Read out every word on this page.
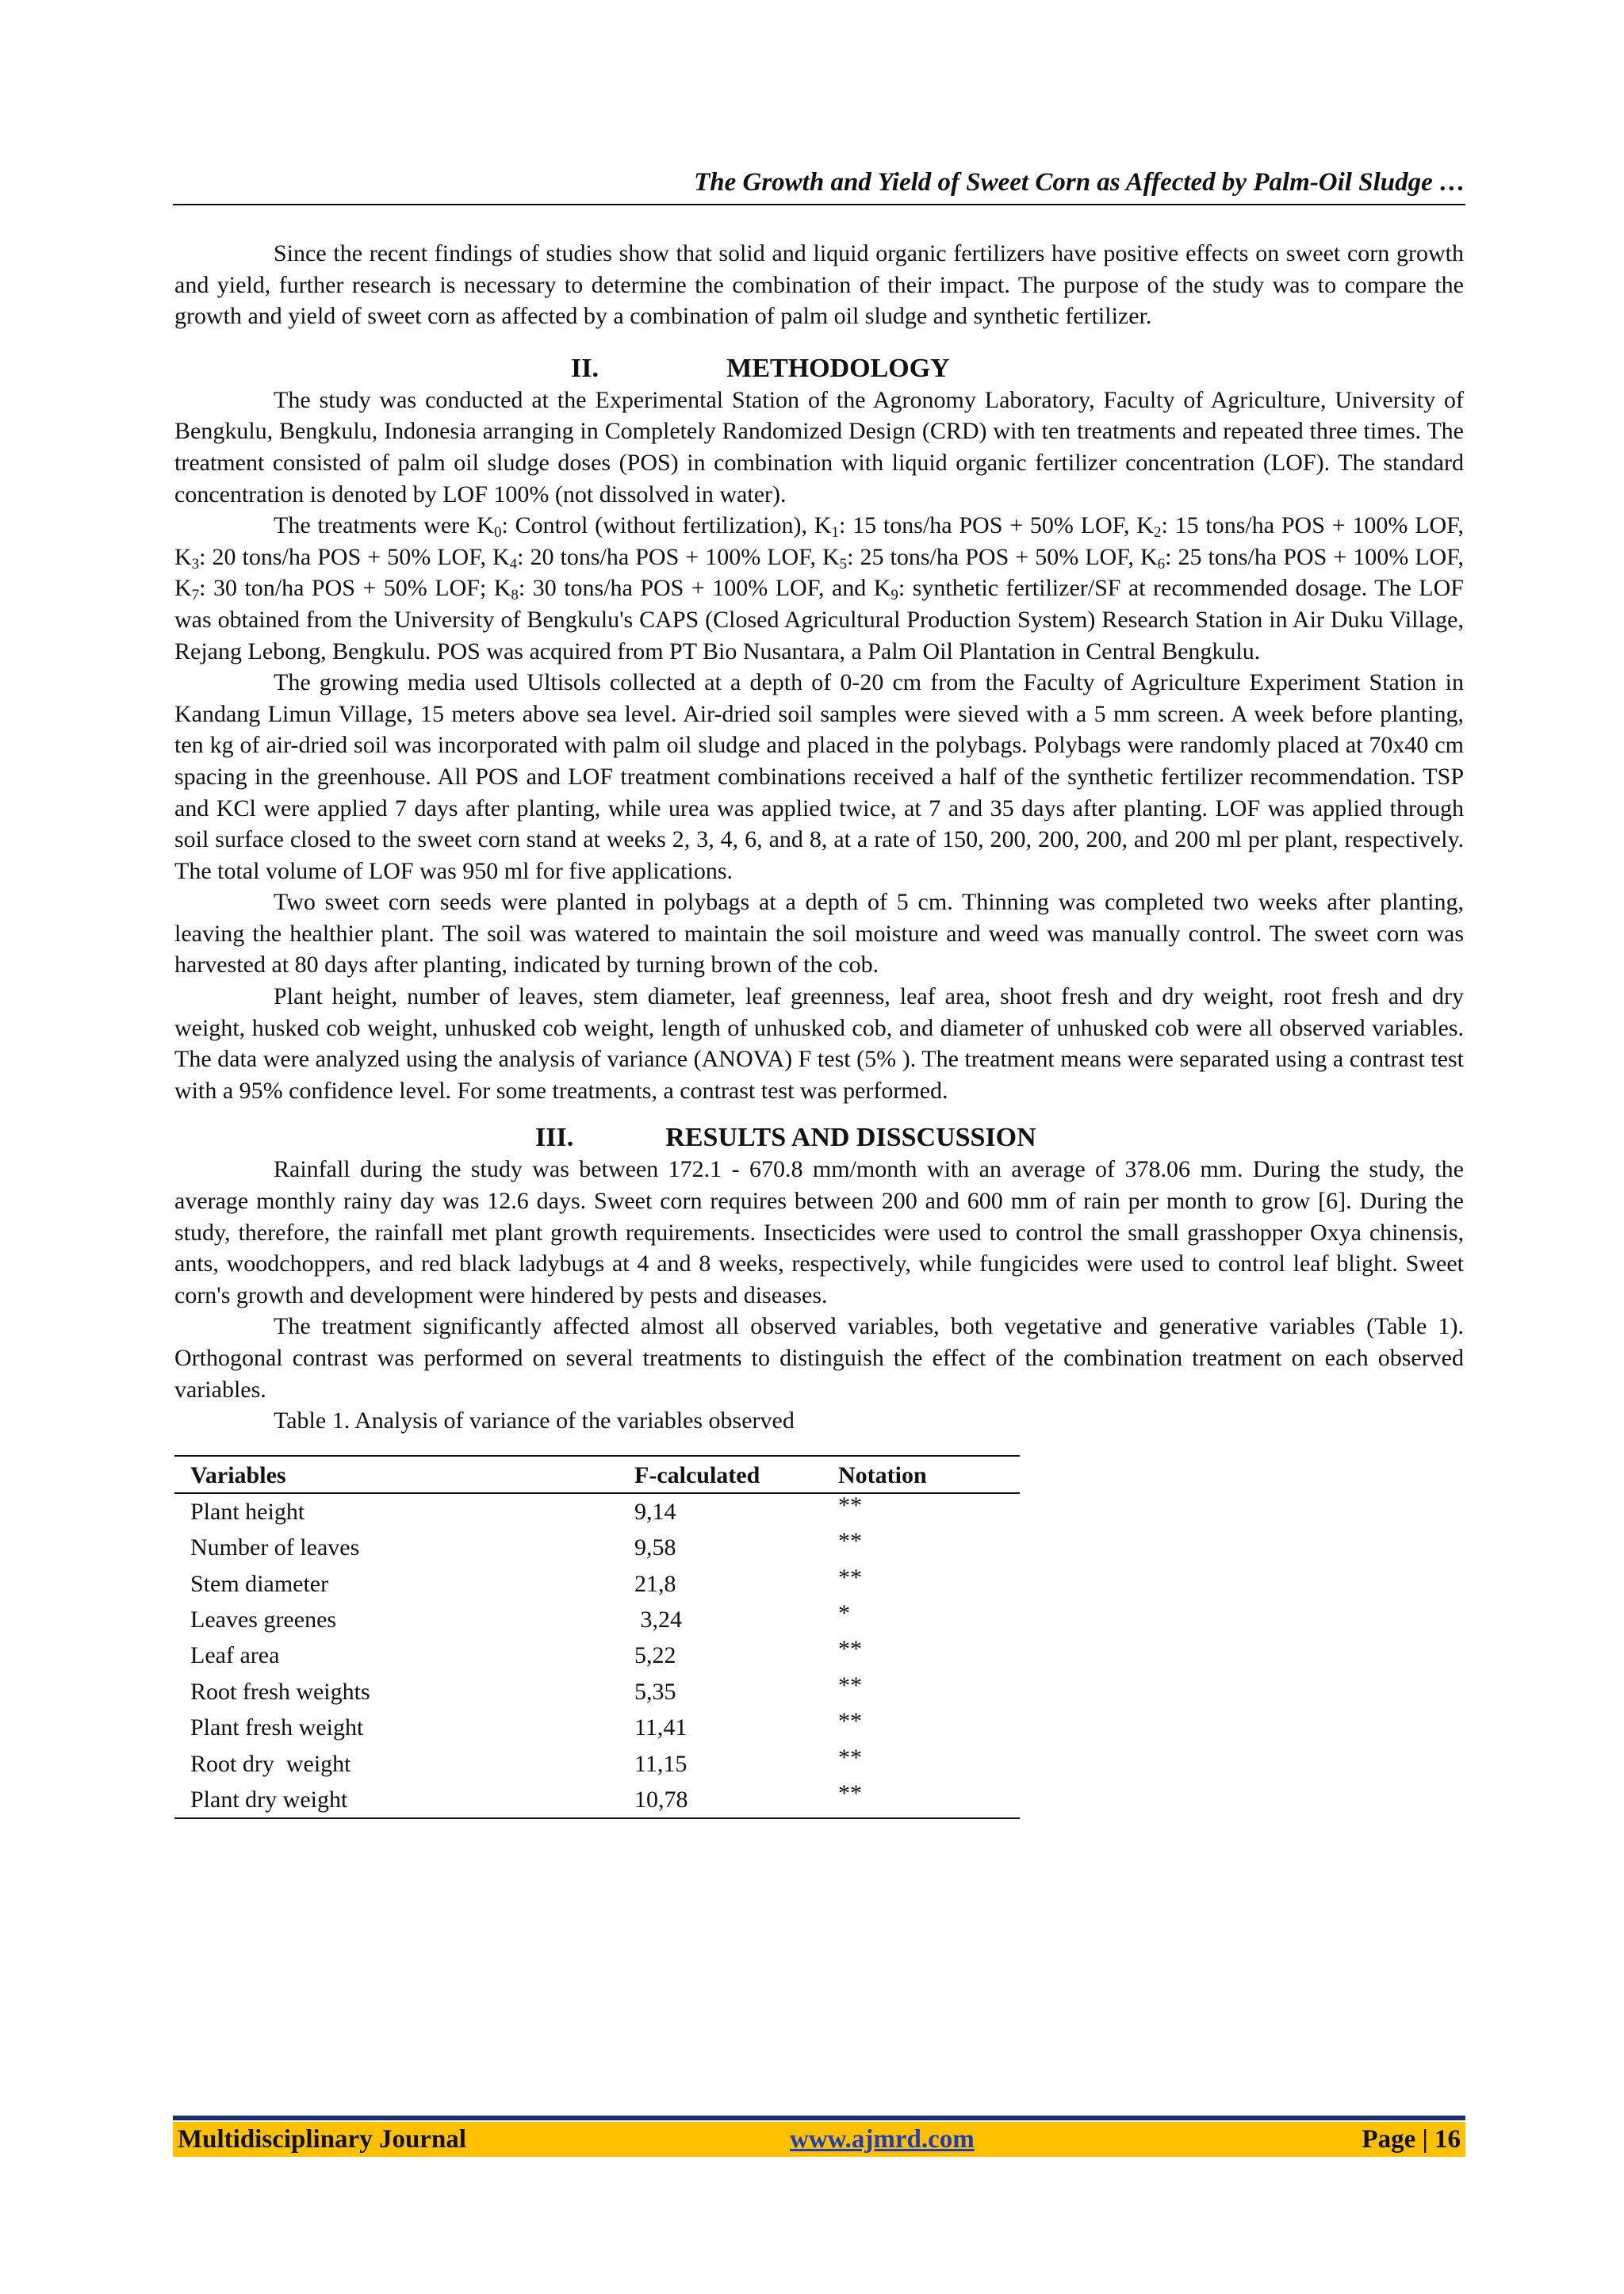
The Growth and Yield of Sweet Corn as Affected by Palm-Oil Sludge …

Since the recent findings of studies show that solid and liquid organic fertilizers have positive effects on sweet corn growth and yield, further research is necessary to determine the combination of their impact. The purpose of the study was to compare the growth and yield of sweet corn as affected by a combination of palm oil sludge and synthetic fertilizer.

II.	METHODOLOGY

The study was conducted at the Experimental Station of the Agronomy Laboratory, Faculty of Agriculture, University of Bengkulu, Bengkulu, Indonesia arranging in Completely Randomized Design (CRD) with ten treatments and repeated three times. The treatment consisted of palm oil sludge doses (POS) in combination with liquid organic fertilizer concentration (LOF). The standard concentration is denoted by LOF 100% (not dissolved in water).

The treatments were $K_0$: Control (without fertilization), $K_1$: 15 tons/ha POS + 50% LOF, $K_2$: 15 tons/ha POS + 100% LOF, $K_3$: 20 tons/ha POS + 50% LOF, $K_4$: 20 tons/ha POS + 100% LOF, $K_5$: 25 tons/ha POS + 50% LOF, $K_6$: 25 tons/ha POS + 100% LOF, $K_7$: 30 ton/ha POS + 50% LOF; $K_8$: 30 tons/ha POS + 100% LOF, and $K_9$: synthetic fertilizer/SF at recommended dosage. The LOF was obtained from the University of Bengkulu's CAPS (Closed Agricultural Production System) Research Station in Air Duku Village, Rejang Lebong, Bengkulu. POS was acquired from PT Bio Nusantara, a Palm Oil Plantation in Central Bengkulu.

The growing media used Ultisols collected at a depth of 0-20 cm from the Faculty of Agriculture Experiment Station in Kandang Limun Village, 15 meters above sea level. Air-dried soil samples were sieved with a 5 mm screen. A week before planting, ten kg of air-dried soil was incorporated with palm oil sludge and placed in the polybags. Polybags were randomly placed at 70x40 cm spacing in the greenhouse. All POS and LOF treatment combinations received a half of the synthetic fertilizer recommendation. TSP and KCl were applied 7 days after planting, while urea was applied twice, at 7 and 35 days after planting. LOF was applied through soil surface closed to the sweet corn stand at weeks 2, 3, 4, 6, and 8, at a rate of 150, 200, 200, 200, and 200 ml per plant, respectively. The total volume of LOF was 950 ml for five applications.

Two sweet corn seeds were planted in polybags at a depth of 5 cm. Thinning was completed two weeks after planting, leaving the healthier plant. The soil was watered to maintain the soil moisture and weed was manually control. The sweet corn was harvested at 80 days after planting, indicated by turning brown of the cob.

Plant height, number of leaves, stem diameter, leaf greenness, leaf area, shoot fresh and dry weight, root fresh and dry weight, husked cob weight, unhusked cob weight, length of unhusked cob, and diameter of unhusked cob were all observed variables. The data were analyzed using the analysis of variance (ANOVA) F test (5% ). The treatment means were separated using a contrast test with a 95% confidence level. For some treatments, a contrast test was performed.

III.	RESULTS AND DISSCUSSION

Rainfall during the study was between 172.1 - 670.8 mm/month with an average of 378.06 mm. During the study, the average monthly rainy day was 12.6 days. Sweet corn requires between 200 and 600 mm of rain per month to grow [6]. During the study, therefore, the rainfall met plant growth requirements. Insecticides were used to control the small grasshopper Oxya chinensis, ants, woodchoppers, and red black ladybugs at 4 and 8 weeks, respectively, while fungicides were used to control leaf blight. Sweet corn's growth and development were hindered by pests and diseases.

The treatment significantly affected almost all observed variables, both vegetative and generative variables (Table 1). Orthogonal contrast was performed on several treatments to distinguish the effect of the combination treatment on each observed variables.

Table 1. Analysis of variance of the variables observed

Variables	F-calculated	Notation
Plant height	9,14	**
Number of leaves	9,58	**
Stem diameter	21,8	**
Leaves greenes	3,24	*
Leaf area	5,22	**
Root fresh weights	5,35	**
Plant fresh weight	11,41	**
Root dry  weight	11,15	**
Plant dry weight	10,78	**
Multidisciplinary Journal	www.ajmrd.com	Page | 16
